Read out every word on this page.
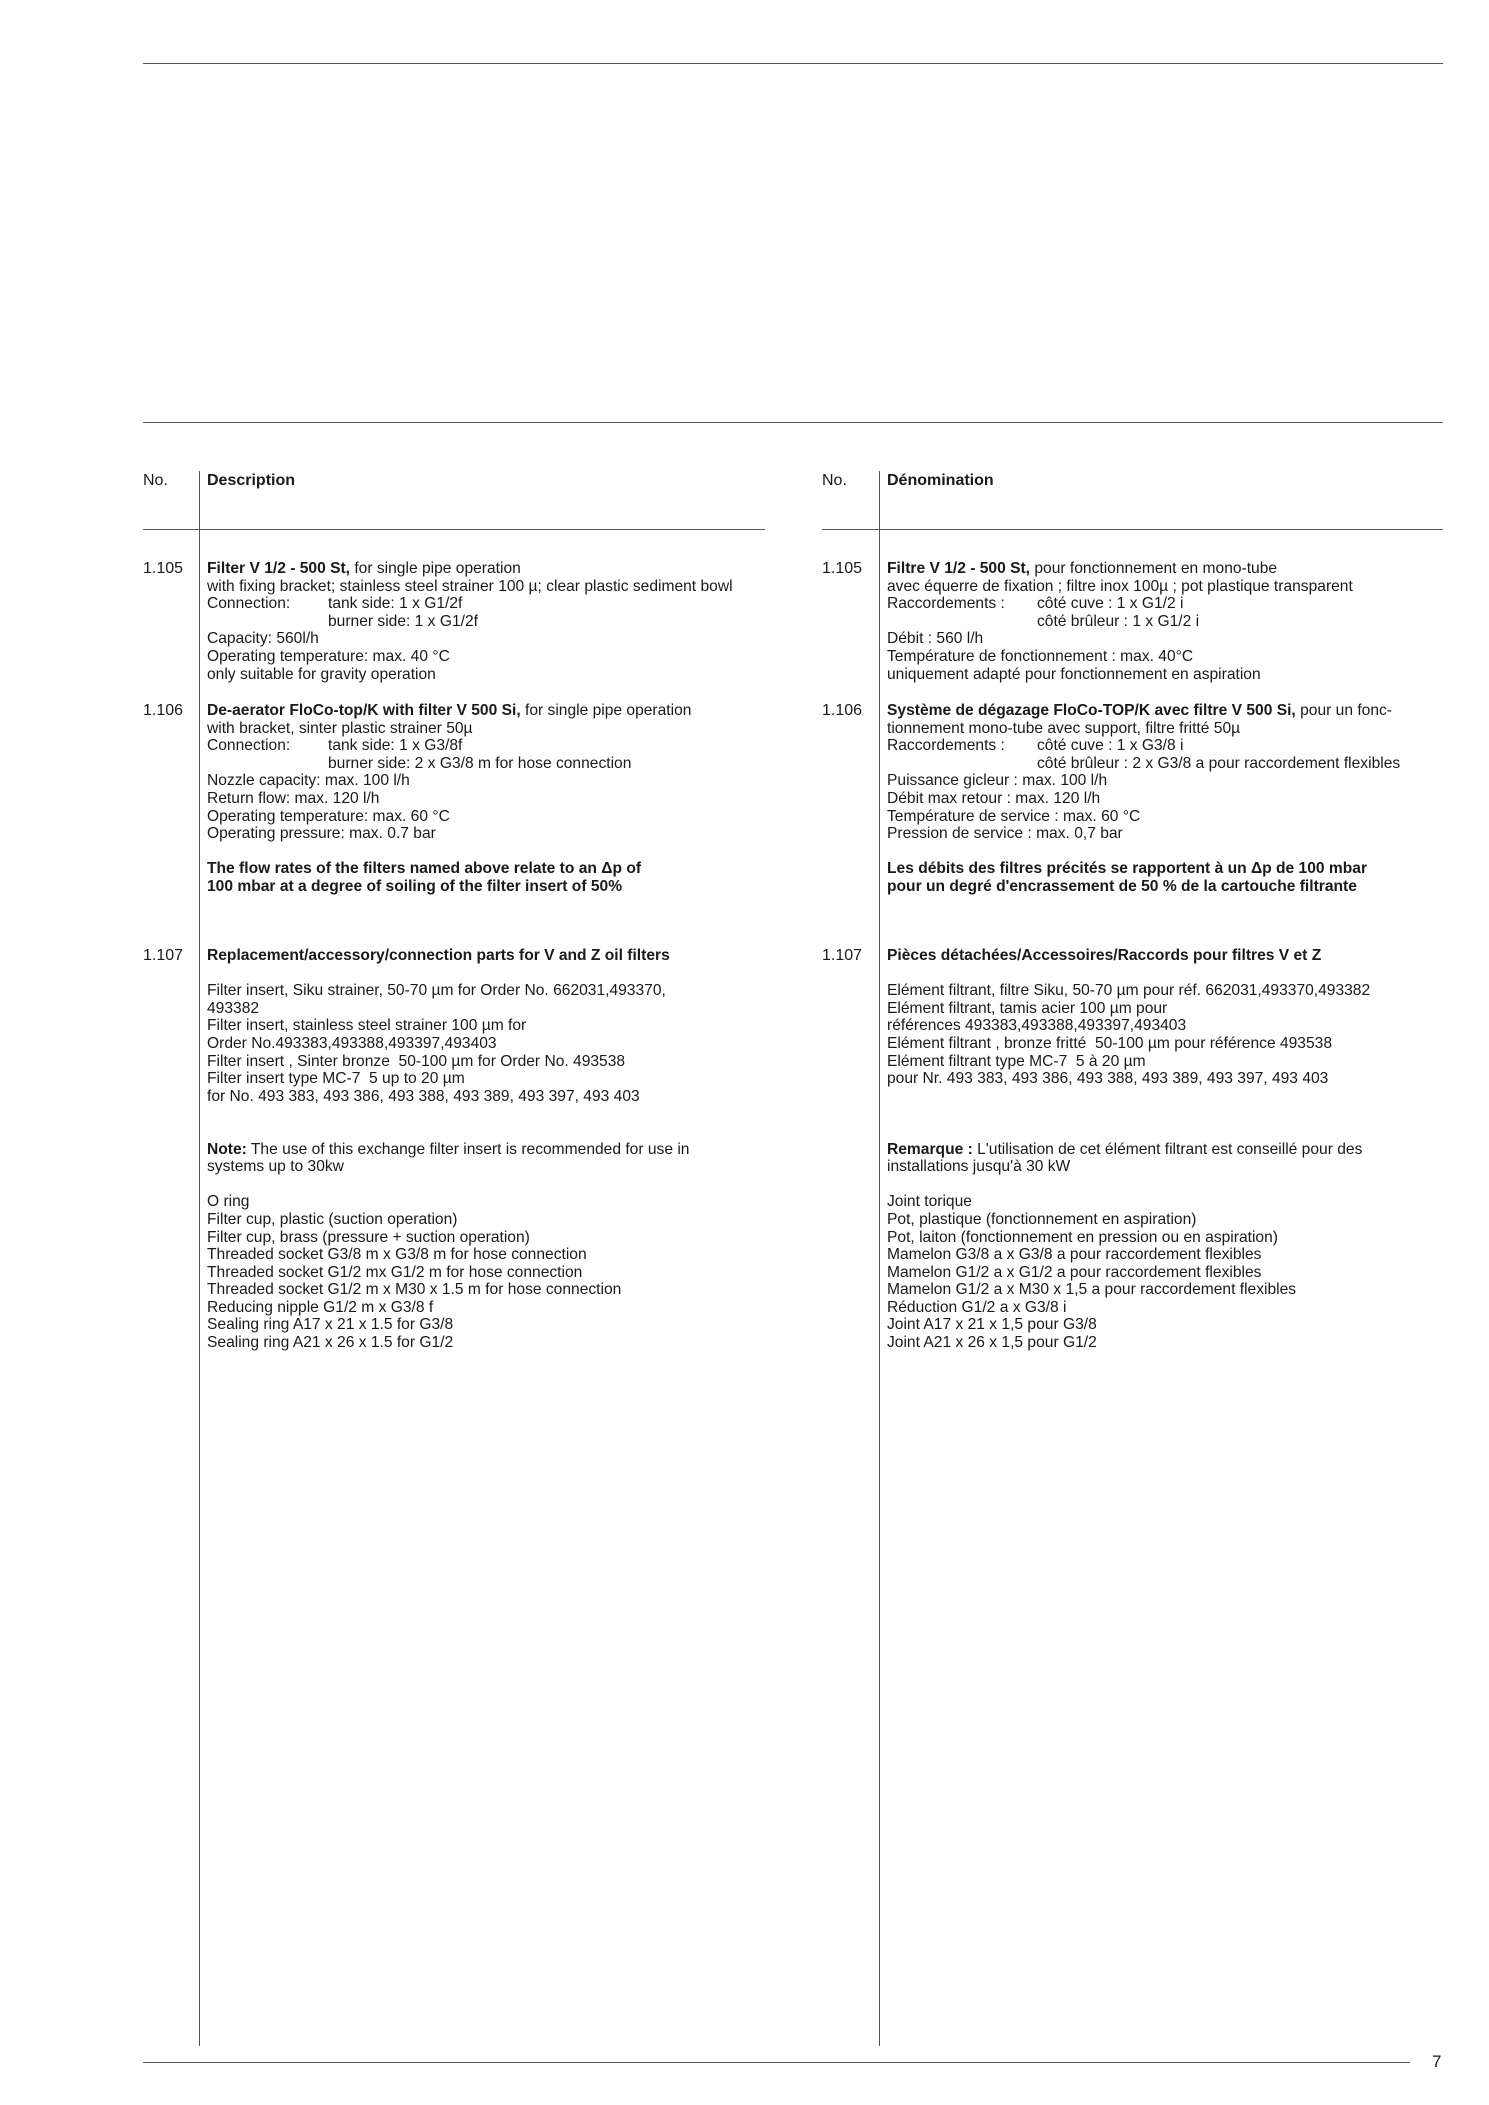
No. Description	No.	Dénomination
1.105 Filter V 1/2 - 500 St, for single pipe operation
with fixing bracket; stainless steel strainer 100 µ; clear plastic sediment bowl
Connection: tank side: 1 x G1/2f
burner side: 1 x G1/2f
Capacity: 560l/h
Operating temperature: max. 40 °C
only suitable for gravity operation
1.106 De-aerator FloCo-top/K with filter V 500 Si, for single pipe operation
with bracket, sinter plastic strainer 50µ
Connection: tank side: 1 x G3/8f
burner side: 2 x G3/8 m for hose connection
Nozzle capacity: max. 100 l/h
Return flow: max. 120 l/h
Operating temperature: max. 60 °C
Operating pressure: max. 0.7 bar
The flow rates of the filters named above relate to an Δp of
100 mbar at a degree of soiling of the filter insert of 50%
1.107 Replacement/accessory/connection parts for V and Z oil filters
Filter insert, Siku strainer, 50-70 µm for Order No. 662031,493370,
493382
Filter insert, stainless steel strainer 100 µm for
Order No.493383,493388,493397,493403
Filter insert , Sinter bronze  50-100 µm for Order No. 493538
Filter insert type MC-7  5 up to 20 µm
for No. 493 383, 493 386, 493 388, 493 389, 493 397, 493 403
Note: The use of this exchange filter insert is recommended for use in
systems up to 30kw
O ring
Filter cup, plastic (suction operation)
Filter cup, brass (pressure + suction operation)
Threaded socket G3/8 m x G3/8 m for hose connection
Threaded socket G1/2 mx G1/2 m for hose connection
Threaded socket G1/2 m x M30 x 1.5 m for hose connection
Reducing nipple G1/2 m x G3/8 f
Sealing ring A17 x 21 x 1.5 for G3/8
Sealing ring A21 x 26 x 1.5 for G1/2
1.105 Filtre V 1/2 - 500 St, pour fonctionnement en mono-tube
avec équerre de fixation ; filtre inox 100µ ; pot plastique transparent
Raccordements : côté cuve : 1 x G1/2 i
côté brûleur : 1 x G1/2 i
Débit : 560 l/h
Température de fonctionnement : max. 40°C
uniquement adapté pour fonctionnement en aspiration
1.106 Système de dégazage FloCo-TOP/K avec filtre V 500 Si, pour un fonc-
tionnement mono-tube avec support, filtre fritté 50µ
Raccordements : côté cuve : 1 x G3/8 i
côté brûleur : 2 x G3/8 a pour raccordement flexibles
Puissance gicleur : max. 100 l/h
Débit max retour : max. 120 l/h
Température de service : max. 60 °C
Pression de service : max. 0,7 bar
Les débits des filtres précités se rapportent à un Δp de 100 mbar
pour un degré d'encrassement de 50 % de la cartouche filtrante
1.107 Pièces détachées/Accessoires/Raccords pour filtres V et Z
Elément filtrant, filtre Siku, 50-70 µm pour réf. 662031,493370,493382
Elément filtrant, tamis acier 100 µm pour
références 493383,493388,493397,493403
Elément filtrant , bronze fritté  50-100 µm pour référence 493538
Elément filtrant type MC-7  5 à 20 µm
pour Nr. 493 383, 493 386, 493 388, 493 389, 493 397, 493 403
Remarque : L'utilisation de cet élément filtrant est conseillé pour des
installations jusqu'à 30 kW
Joint torique
Pot, plastique (fonctionnement en aspiration)
Pot, laiton (fonctionnement en pression ou en aspiration)
Mamelon G3/8 a x G3/8 a pour raccordement flexibles
Mamelon G1/2 a x G1/2 a pour raccordement flexibles
Mamelon G1/2 a x M30 x 1,5 a pour raccordement flexibles
Réduction G1/2 a x G3/8 i
Joint A17 x 21 x 1,5 pour G3/8
Joint A21 x 26 x 1,5 pour G1/2
7
